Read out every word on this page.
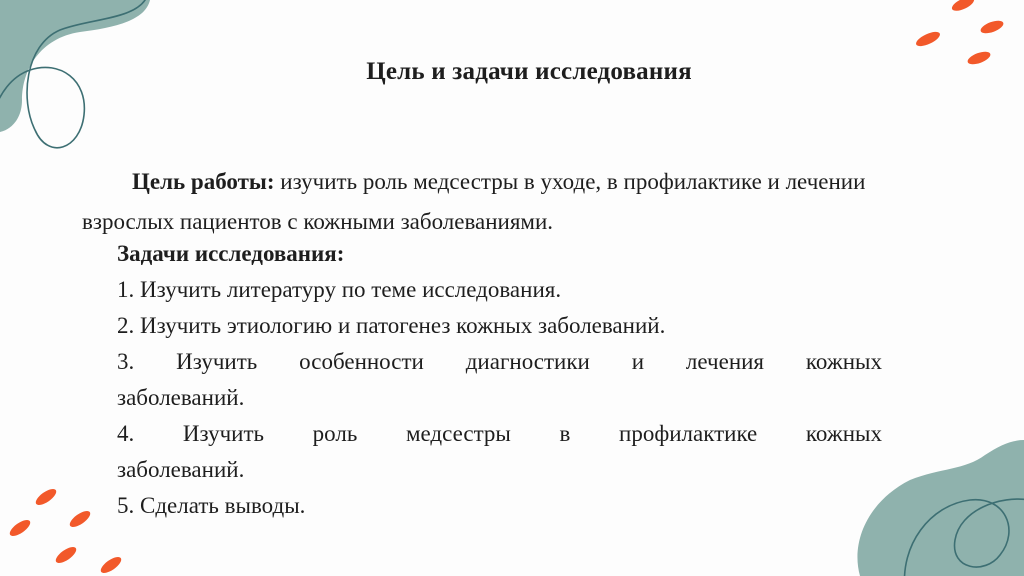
Цель и задачи исследования
Цель работы: изучить роль медсестры в уходе, в профилактике и лечении взрослых пациентов с кожными заболеваниями.
Задачи исследования:
1. Изучить литературу по теме исследования.
2. Изучить этиологию и патогенез кожных заболеваний.
3. Изучить особенности диагностики и лечения кожных
заболеваний.
4. Изучить роль медсестры в профилактике кожных
заболеваний.
5. Сделать выводы.
